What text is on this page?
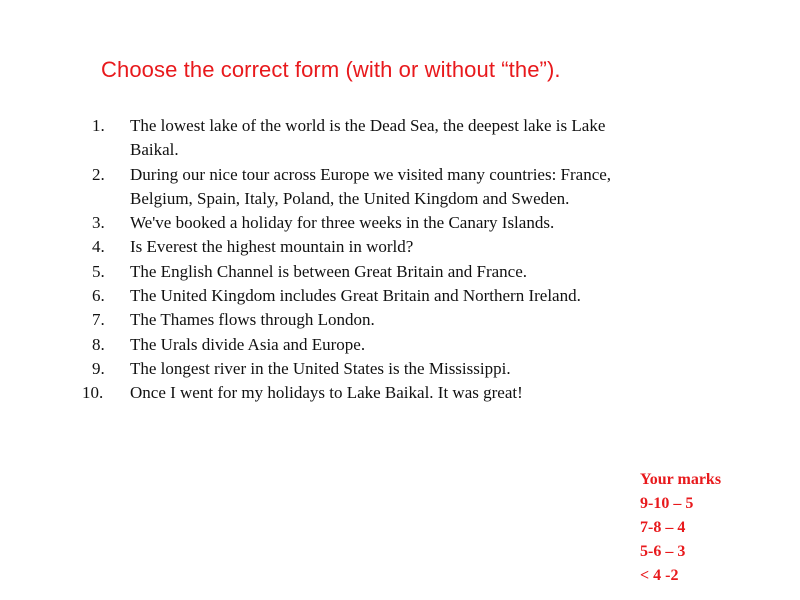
Choose the correct form (with or without “the”).
1.	The lowest lake of the world is the Dead Sea, the deepest lake is Lake Baikal.
2.	During our nice tour across Europe we visited many countries: France, Belgium, Spain, Italy, Poland, the United Kingdom and Sweden.
3.	We've booked a holiday for three weeks in the Canary Islands.
4.	Is Everest the highest mountain in world?
5.	The English Channel is between Great Britain and France.
6.	The United Kingdom includes Great Britain and Northern Ireland.
7.	The Thames flows through London.
8.	The Urals divide Asia and Europe.
9.	The longest river in the United States is the Mississippi.
10.	Once I went for my holidays to Lake Baikal. It was great!
Your marks
9-10 – 5
7-8 – 4
5-6 – 3
< 4 -2
